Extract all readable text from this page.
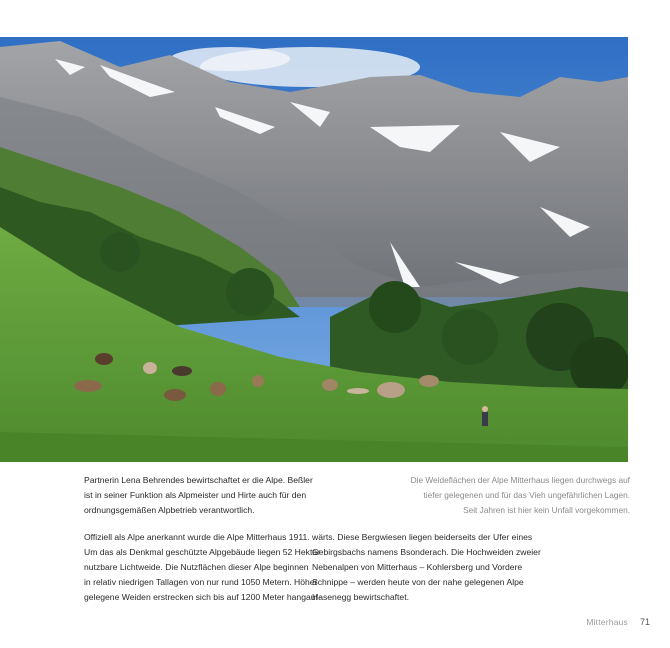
Partnerin Lena Behrendes bewirtschaftet er die Alpe. Beßler
ist in seiner Funktion als Alpmeister und Hirte auch für den
ordnungsgemäßen Alpbetrieb verantwortlich.
Offiziell als Alpe anerkannt wurde die Alpe Mitterhaus 1911.
Um das als Denkmal geschützte Alpgebäude liegen 52 Hektar
nutzbare Lichtweide. Die Nutzflächen dieser Alpe beginnen
in relativ niedrigen Tallagen von nur rund 1050 Metern. Höher
gelegene Weiden erstrecken sich bis auf 1200 Meter hangauf-
wärts. Diese Bergwiesen liegen beiderseits der Ufer eines
Gebirgsbachs namens Bsonderach. Die Hochweiden zweier
Nebenalpen von Mitterhaus – Kohlersberg und Vordere
Schnippe – werden heute von der nahe gelegenen Alpe
Hasenegg bewirtschaftet.
Die Weideflächen der Alpe Mitterhaus liegen durchwegs auf
tiefer gelegenen und für das Vieh ungefährlichen Lagen.
Seit Jahren ist hier kein Unfall vorgekommen.
Mitterhaus 71
